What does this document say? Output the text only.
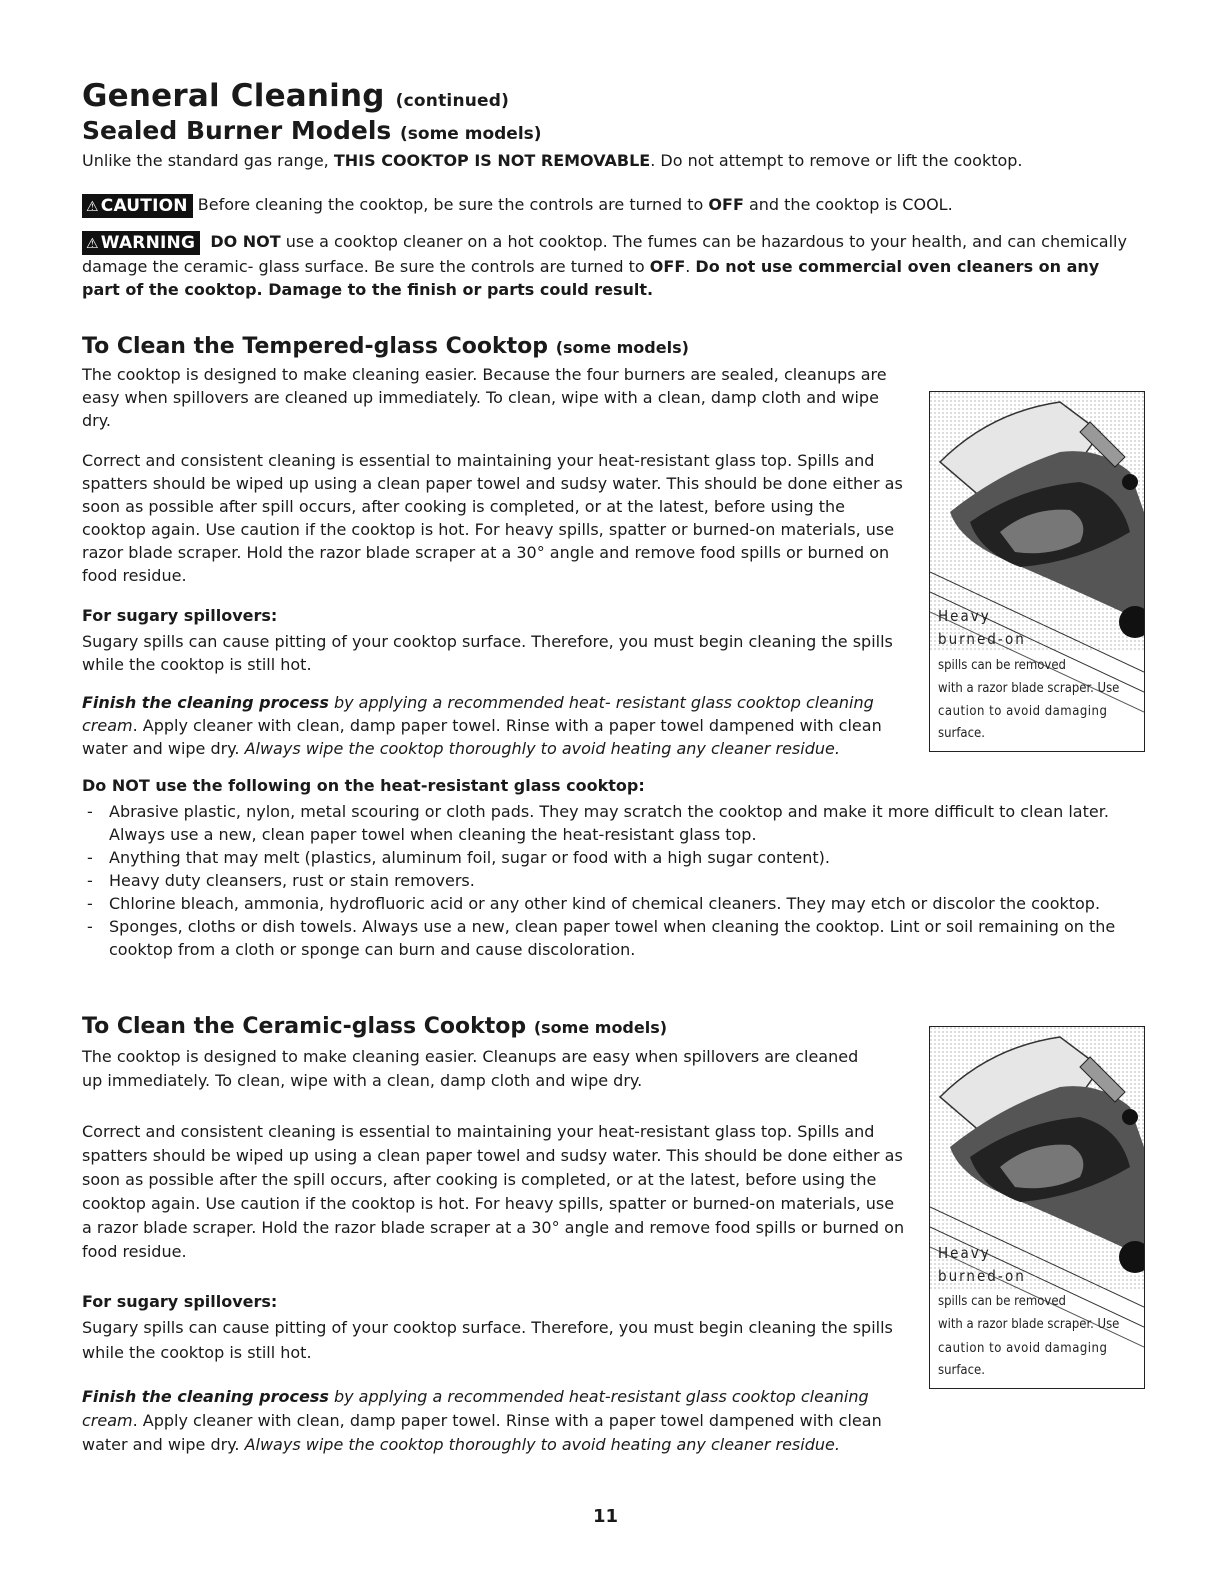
General Cleaning (continued)
Sealed Burner Models (some models)
Unlike the standard gas range, THIS COOKTOP IS NOT REMOVABLE. Do not attempt to remove or lift the cooktop.
⚠ CAUTION Before cleaning the cooktop, be sure the controls are turned to OFF and the cooktop is COOL.
⚠ WARNING DO NOT use a cooktop cleaner on a hot cooktop. The fumes can be hazardous to your health, and can chemically damage the ceramic- glass surface. Be sure the controls are turned to OFF. Do not use commercial oven cleaners on any part of the cooktop. Damage to the finish or parts could result.
To Clean the Tempered-glass Cooktop (some models)
The cooktop is designed to make cleaning easier. Because the four burners are sealed, cleanups are easy when spillovers are cleaned up immediately. To clean, wipe with a clean, damp cloth and wipe dry.
Correct and consistent cleaning is essential to maintaining your heat-resistant glass top. Spills and spatters should be wiped up using a clean paper towel and sudsy water. This should be done either as soon as possible after spill occurs, after cooking is completed, or at the latest, before using the cooktop again. Use caution if the cooktop is hot. For heavy spills, spatter or burned-on materials, use razor blade scraper. Hold the razor blade scraper at a 30° angle and remove food spills or burned on food residue.
For sugary spillovers:
Sugary spills can cause pitting of your cooktop surface. Therefore, you must begin cleaning the spills while the cooktop is still hot.
Finish the cleaning process by applying a recommended heat- resistant glass cooktop cleaning cream. Apply cleaner with clean, damp paper towel. Rinse with a paper towel dampened with clean water and wipe dry. Always wipe the cooktop thoroughly to avoid heating any cleaner residue.
Do NOT use the following on the heat-resistant glass cooktop:
- Abrasive plastic, nylon, metal scouring or cloth pads. They may scratch the cooktop and make it more difficult to clean later. Always use a new, clean paper towel when cleaning the heat-resistant glass top.
- Anything that may melt (plastics, aluminum foil, sugar or food with a high sugar content).
- Heavy duty cleansers, rust or stain removers.
- Chlorine bleach, ammonia, hydrofluoric acid or any other kind of chemical cleaners. They may etch or discolor the cooktop.
- Sponges, cloths or dish towels. Always use a new, clean paper towel when cleaning the cooktop. Lint or soil remaining on the cooktop from a cloth or sponge can burn and cause discoloration.
Heavy
burned-on
spills can be removed
with a razor blade scraper. Use
caution to avoid damaging
surface.
To Clean the Ceramic-glass Cooktop (some models)
The cooktop is designed to make cleaning easier. Cleanups are easy when spillovers are cleaned up immediately. To clean, wipe with a clean, damp cloth and wipe dry.
Correct and consistent cleaning is essential to maintaining your heat-resistant glass top. Spills and spatters should be wiped up using a clean paper towel and sudsy water. This should be done either as soon as possible after the spill occurs, after cooking is completed, or at the latest, before using the cooktop again. Use caution if the cooktop is hot. For heavy spills, spatter or burned-on materials, use a razor blade scraper. Hold the razor blade scraper at a 30° angle and remove food spills or burned on food residue.
For sugary spillovers:
Sugary spills can cause pitting of your cooktop surface. Therefore, you must begin cleaning the spills while the cooktop is still hot.
Finish the cleaning process by applying a recommended heat-resistant glass cooktop cleaning cream. Apply cleaner with clean, damp paper towel. Rinse with a paper towel dampened with clean water and wipe dry. Always wipe the cooktop thoroughly to avoid heating any cleaner residue.
Heavy
burned-on
spills can be removed
with a razor blade scraper. Use
caution to avoid damaging
surface.
11
